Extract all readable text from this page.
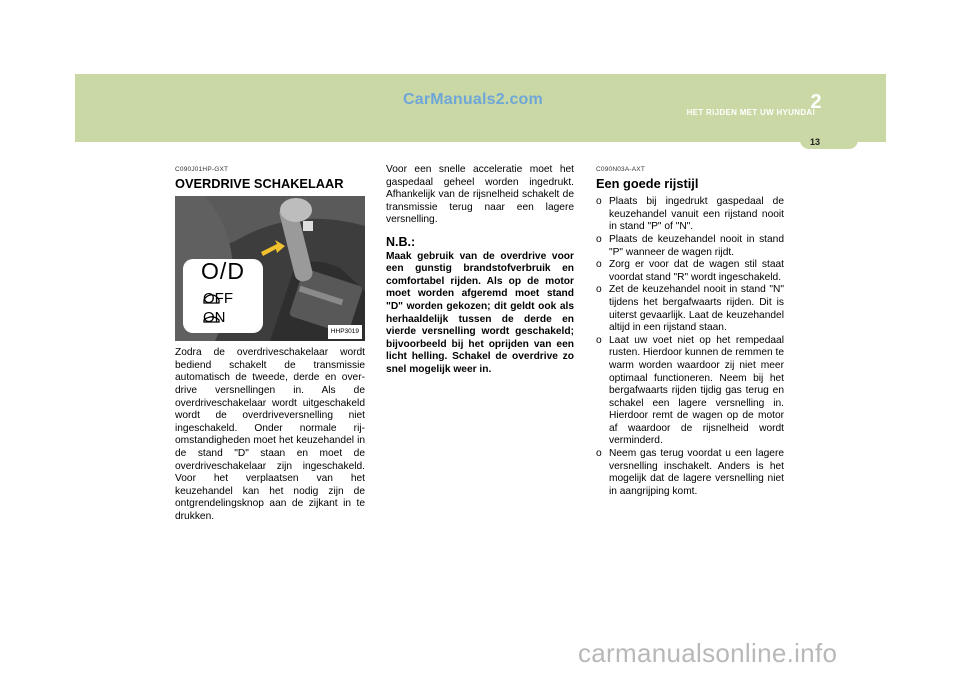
CarManuals2.com
HET RIJDEN MET UW HYUNDAI
2
13
C090J01HP-GXT
OVERDRIVE SCHAKELAAR
O/D
OFF
ON
HHP3019
Zodra de overdriveschakelaar wordt bediend schakelt de transmissie automatisch de tweede, derde en over-drive versnellingen in. Als de overdriveschakelaar wordt uitgeschakeld wordt de overdriveversnelling niet ingeschakeld. Onder normale rij-omstandigheden moet het keuzehandel in de stand "D" staan en moet de overdriveschakelaar zijn ingeschakeld. Voor het verplaatsen van het keuzehandel kan het nodig zijn de ontgrendelingsknop aan de zijkant in te drukken.
Voor een snelle acceleratie moet het gaspedaal geheel worden ingedrukt. Afhankelijk van de rijsnelheid schakelt de transmissie terug naar een lagere versnelling.
N.B.:
Maak gebruik van de overdrive voor een gunstig brandstofverbruik en comfortabel rijden. Als op de motor moet worden afgeremd moet stand "D" worden gekozen; dit geldt ook als herhaaldelijk tussen de derde en vierde versnelling wordt geschakeld; bijvoorbeeld bij het oprijden van een licht helling. Schakel de overdrive zo snel mogelijk weer in.
C090N03A-AXT
Een goede rijstijl
o Plaats bij ingedrukt gaspedaal de keuzehandel vanuit een rijstand nooit in stand "P" of "N".
o Plaats de keuzehandel nooit in stand "P" wanneer de wagen rijdt.
o Zorg er voor dat de wagen stil staat voordat stand "R" wordt ingeschakeld.
o Zet de keuzehandel nooit in stand "N" tijdens het bergafwaarts rijden. Dit is uiterst gevaarlijk. Laat de keuzehandel altijd in een rijstand staan.
o Laat uw voet niet op het rempedaal rusten. Hierdoor kunnen de remmen te warm worden waardoor zij niet meer optimaal functioneren. Neem bij het bergafwaarts rijden tijdig gas terug en schakel een lagere versnelling in. Hierdoor remt de wagen op de motor af waardoor de rijsnelheid wordt verminderd.
o Neem gas terug voordat u een lagere versnelling inschakelt. Anders is het mogelijk dat de lagere versnelling niet in aangrijping komt.
carmanualsonline.info
